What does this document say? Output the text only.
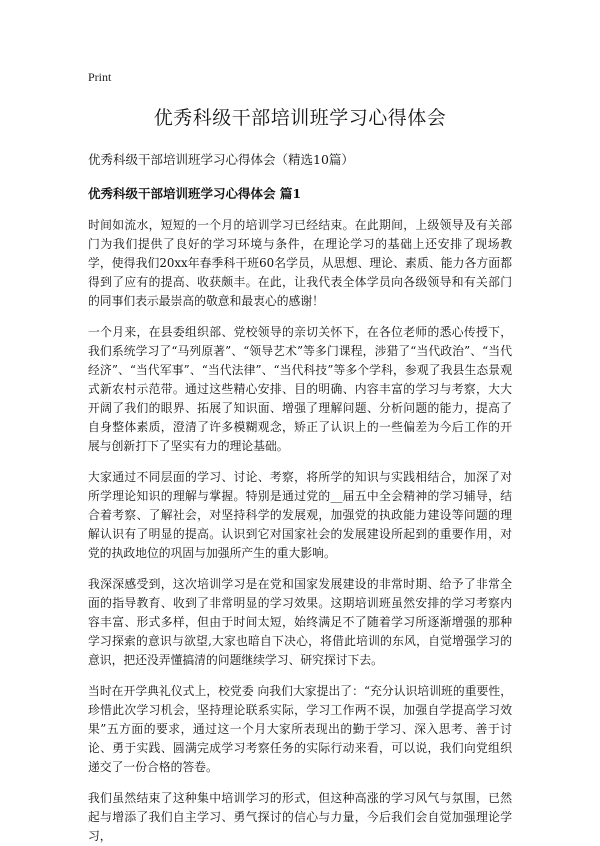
Print
优秀科级干部培训班学习心得体会
优秀科级干部培训班学习心得体会（精选10篇）
优秀科级干部培训班学习心得体会 篇1

时间如流水，短短的一个月的培训学习已经结束。在此期间，上级领导及有关部门为我们提供了良好的学习环境与条件，在理论学习的基础上还安排了现场教学，使得我们20xx年春季科干班60名学员，从思想、理论、素质、能力各方面都得到了应有的提高、收获颇丰。在此，让我代表全体学员向各级领导和有关部门的同事们表示最崇高的敬意和最衷心的感谢！

一个月来，在县委组织部、党校领导的亲切关怀下，在各位老师的悉心传授下，我们系统学习了“马列原著”、“领导艺术”等多门课程，涉猎了“当代政治”、“当代经济”、“当代军事”、“当代法律”、“当代科技”等多个学科，参观了我县生态景观式新农村示范带。通过这些精心安排、目的明确、内容丰富的学习与考察，大大开阔了我们的眼界、拓展了知识面、增强了理解问题、分析问题的能力，提高了自身整体素质，澄清了许多模糊观念，矫正了认识上的一些偏差为今后工作的开展与创新打下了坚实有力的理论基础。

大家通过不同层面的学习、讨论、考察，将所学的知识与实践相结合，加深了对所学理论知识的理解与掌握。特别是通过党的__届五中全会精神的学习辅导，结合着考察、了解社会，对坚持科学的发展观，加强党的执政能力建设等问题的理解认识有了明显的提高。认识到它对国家社会的发展建设所起到的重要作用，对党的执政地位的巩固与加强所产生的重大影响。

我深深感受到，这次培训学习是在党和国家发展建设的非常时期、给予了非常全面的指导教育、收到了非常明显的学习效果。这期培训班虽然安排的学习考察内容丰富、形式多样，但由于时间太短，始终满足不了随着学习所逐渐增强的那种学习探索的意识与欲望,大家也暗自下决心，将借此培训的东风，自觉增强学习的意识，把还没弄懂搞清的问题继续学习、研究探讨下去。

当时在开学典礼仪式上，校党委 向我们大家提出了：“充分认识培训班的重要性，珍惜此次学习机会，坚持理论联系实际，学习工作两不误，加强自学提高学习效果”五方面的要求，通过这一个月大家所表现出的勤于学习、深入思考、善于讨论、勇于实践、圆满完成学习考察任务的实际行动来看，可以说，我们向党组织递交了一份合格的答卷。

我们虽然结束了这种集中培训学习的形式，但这种高涨的学习风气与氛围，已然起与增添了我们自主学习、勇气探讨的信心与力量，今后我们会自觉加强理论学习，
